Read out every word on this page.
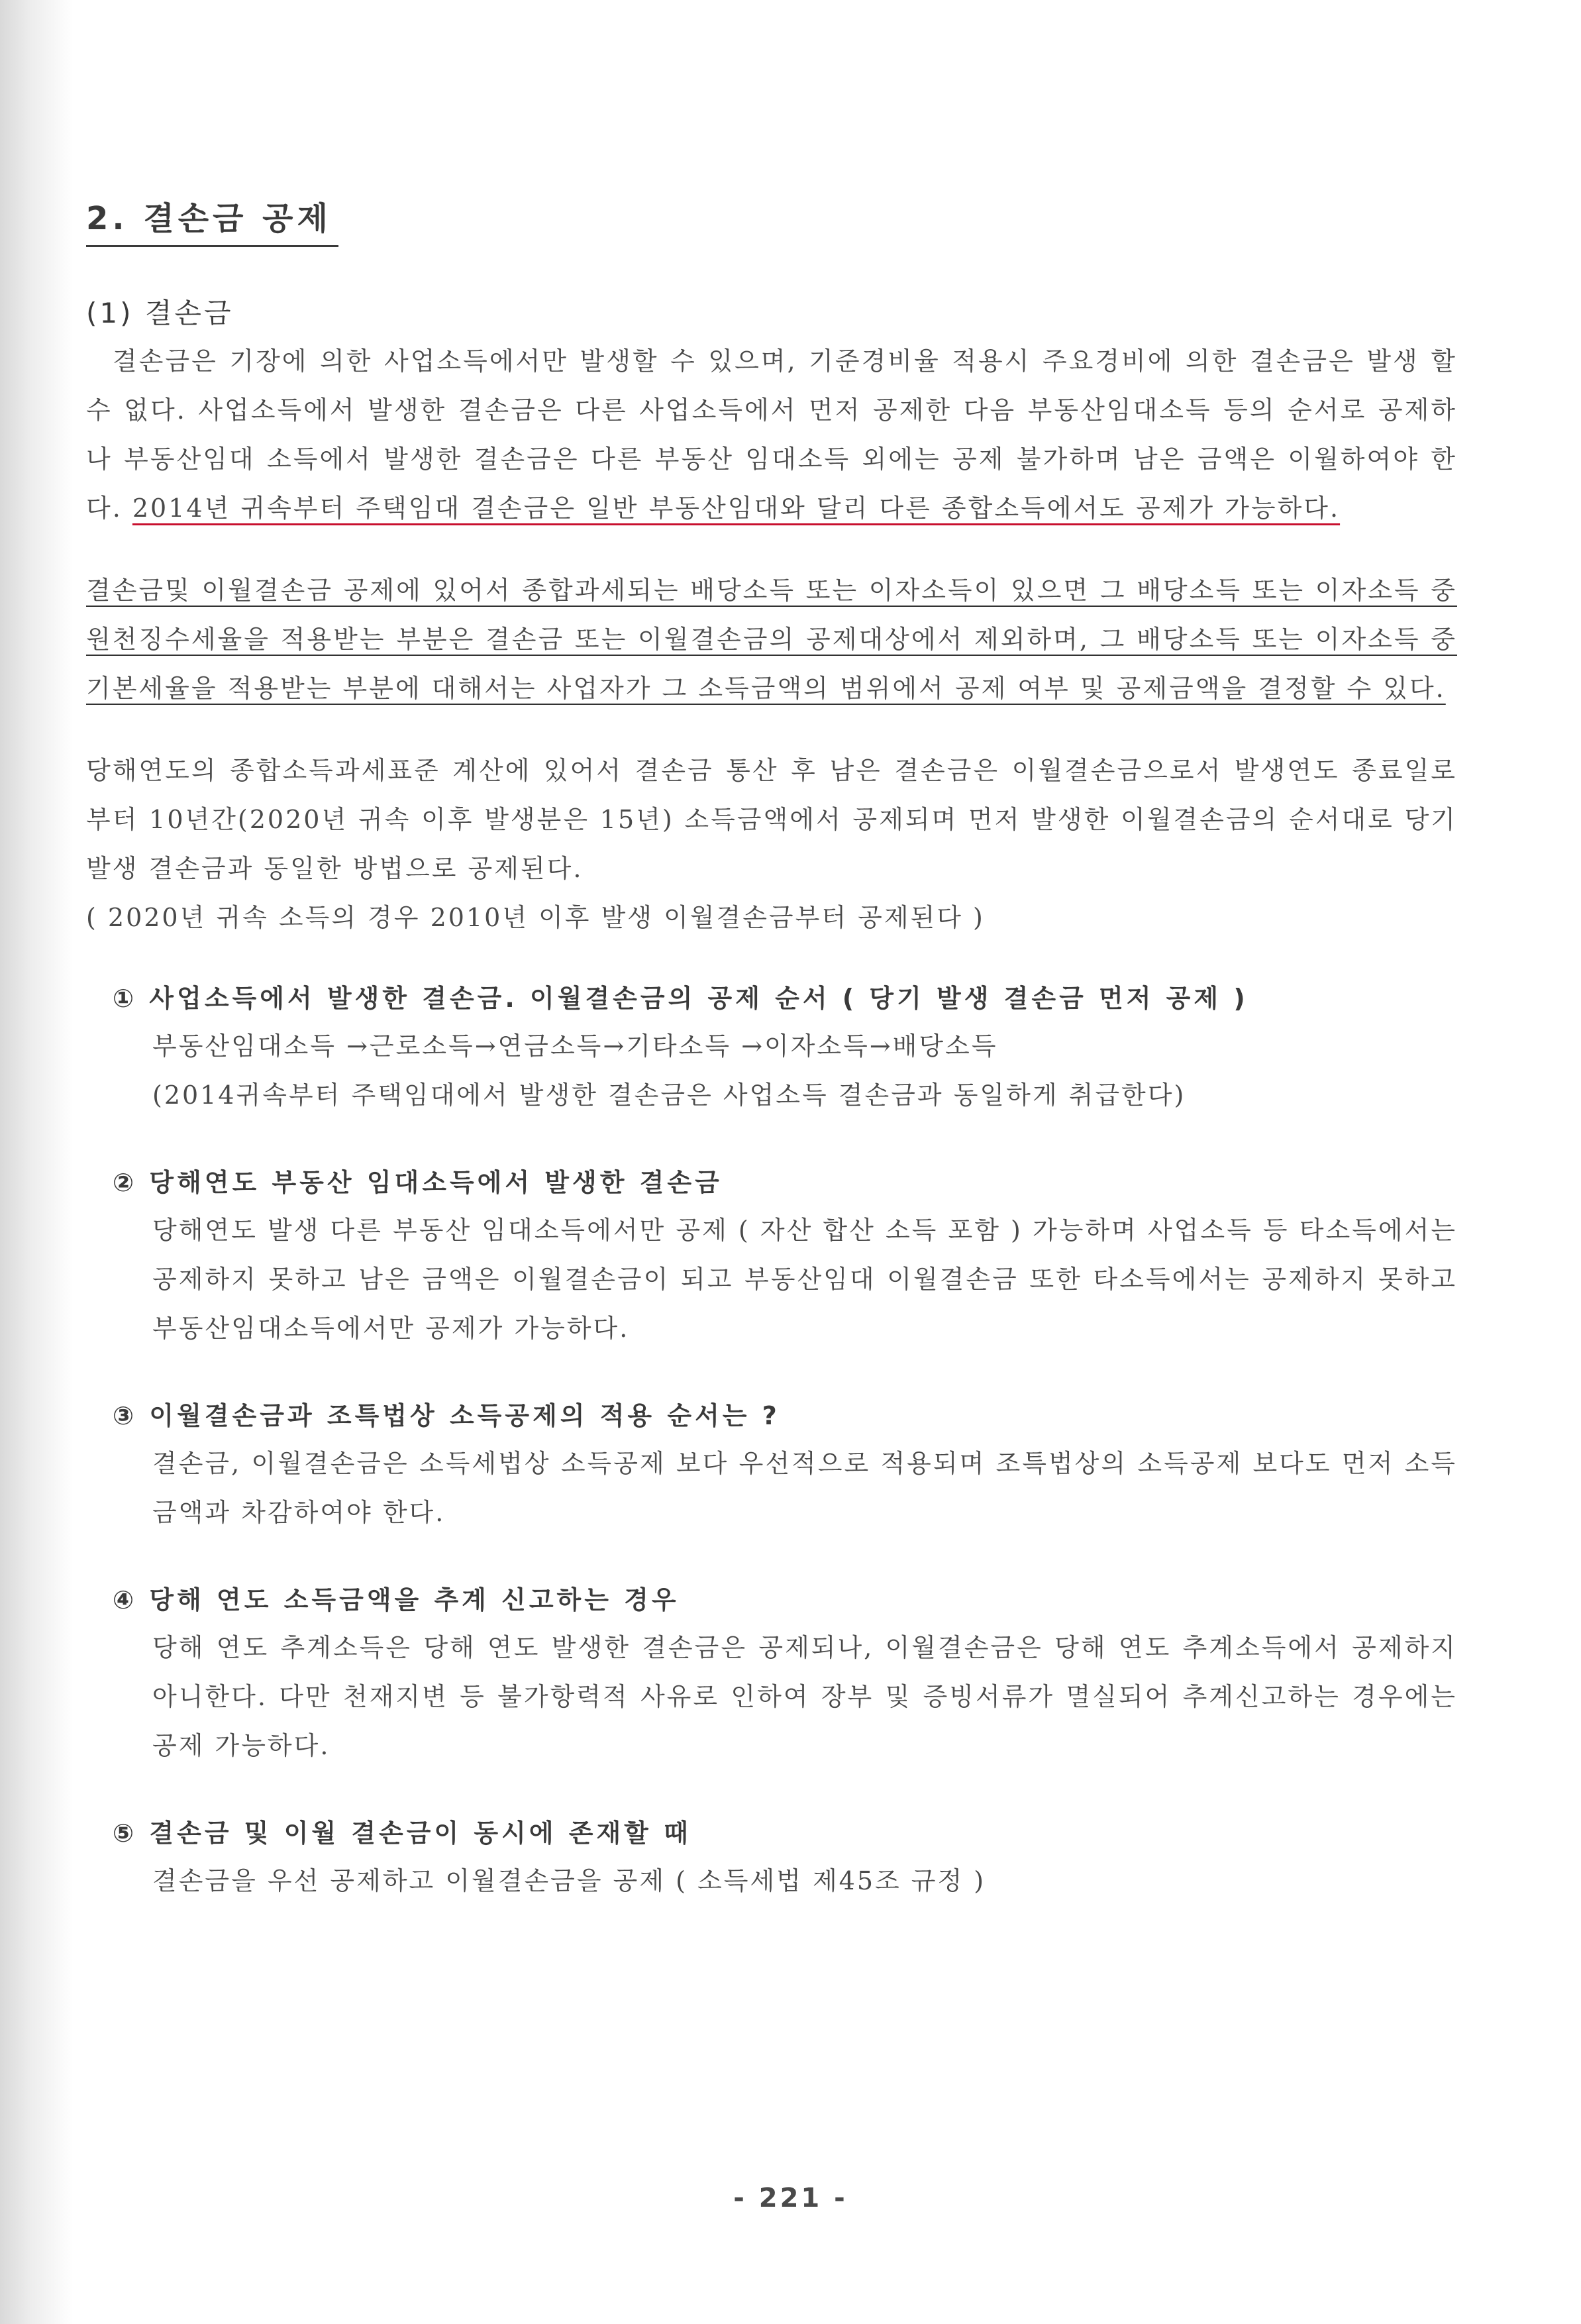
2. 결손금 공제
(1) 결손금

결손금은 기장에 의한 사업소득에서만 발생할 수 있으며, 기준경비율 적용시 주요경비에 의한 결손금은 발생 할 수 없다. 사업소득에서 발생한 결손금은 다른 사업소득에서 먼저 공제한 다음 부동산임대소득 등의 순서로 공제하나 부동산임대 소득에서 발생한 결손금은 다른 부동산 임대소득 외에는 공제 불가하며 남은 금액은 이월하여야 한다. 2014년 귀속부터 주택임대 결손금은 일반 부동산임대와 달리 다른 종합소득에서도 공제가 가능하다.

결손금및 이월결손금 공제에 있어서 종합과세되는 배당소득 또는 이자소득이 있으면 그 배당소득 또는 이자소득 중 원천징수세율을 적용받는 부분은 결손금 또는 이월결손금의 공제대상에서 제외하며, 그 배당소득 또는 이자소득 중 기본세율을 적용받는 부분에 대해서는 사업자가 그 소득금액의 범위에서 공제 여부 및 공제금액을 결정할 수 있다.

당해연도의 종합소득과세표준 계산에 있어서 결손금 통산 후 남은 결손금은 이월결손금으로서 발생연도 종료일로부터 10년간(2020년 귀속 이후 발생분은 15년) 소득금액에서 공제되며 먼저 발생한 이월결손금의 순서대로 당기 발생 결손금과 동일한 방법으로 공제된다.

( 2020년 귀속 소득의 경우 2010년 이후 발생 이월결손금부터 공제된다 )

① 사업소득에서 발생한 결손금. 이월결손금의 공제 순서 ( 당기 발생 결손금 먼저 공제 )
부동산임대소득 →근로소득→연금소득→기타소득 →이자소득→배당소득
(2014귀속부터 주택임대에서 발생한 결손금은 사업소득 결손금과 동일하게 취급한다)
② 당해연도 부동산 임대소득에서 발생한 결손금
당해연도 발생 다른 부동산 임대소득에서만 공제 ( 자산 합산 소득 포함 ) 가능하며 사업소득 등 타소득에서는 공제하지 못하고 남은 금액은 이월결손금이 되고 부동산임대 이월결손금 또한 타소득에서는 공제하지 못하고 부동산임대소득에서만 공제가 가능하다.
③ 이월결손금과 조특법상 소득공제의 적용 순서는 ?
결손금, 이월결손금은 소득세법상 소득공제 보다 우선적으로 적용되며 조특법상의 소득공제 보다도 먼저 소득금액과 차감하여야 한다.
④ 당해 연도 소득금액을 추계 신고하는 경우
당해 연도 추계소득은 당해 연도 발생한 결손금은 공제되나, 이월결손금은 당해 연도 추계소득에서 공제하지 아니한다. 다만 천재지변 등 불가항력적 사유로 인하여 장부 및 증빙서류가 멸실되어 추계신고하는 경우에는 공제 가능하다.
⑤ 결손금 및 이월 결손금이 동시에 존재할 때
결손금을 우선 공제하고 이월결손금을 공제 ( 소득세법 제45조 규정 )
- 221 -
